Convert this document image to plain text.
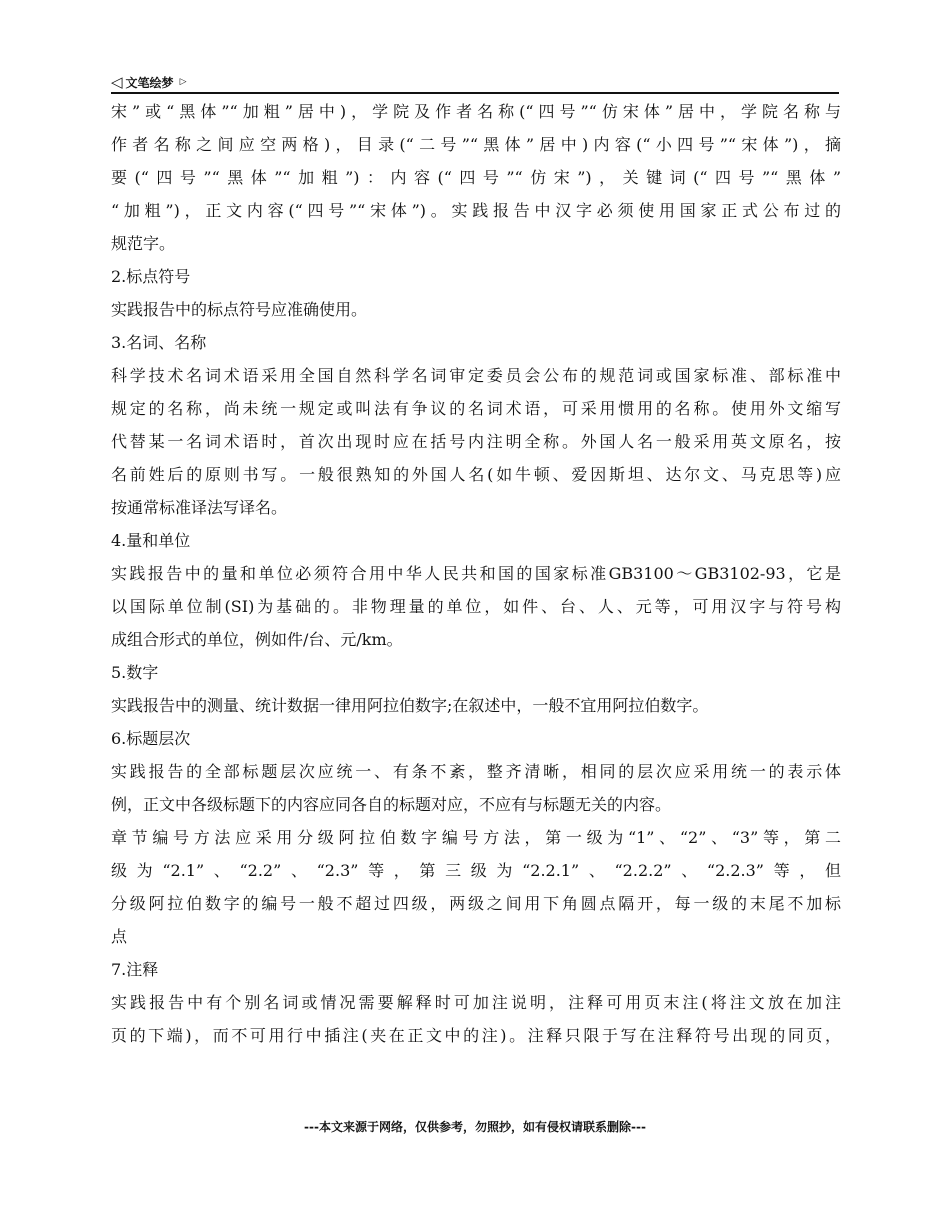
◁ 文笔绘梦 ▷
宋”或“黑体”“加粗”居中)，学院及作者名称(“四号”“仿宋体”居中，学院名称与
作者名称之间应空两格)，目录(“二号”“黑体”居中)内容(“小四号”“宋体”)，摘
要(“四号”“黑体”“加粗”)：内容(“四号”“仿宋”)，关键词(“四号”“黑体”
“加粗”)，正文内容(“四号”“宋体”)。实践报告中汉字必须使用国家正式公布过的
规范字。
2.标点符号
实践报告中的标点符号应准确使用。
3.名词、名称
科学技术名词术语采用全国自然科学名词审定委员会公布的规范词或国家标准、部标准中
规定的名称，尚未统一规定或叫法有争议的名词术语，可采用惯用的名称。使用外文缩写
代替某一名词术语时，首次出现时应在括号内注明全称。外国人名一般采用英文原名，按
名前姓后的原则书写。一般很熟知的外国人名(如牛顿、爱因斯坦、达尔文、马克思等)应
按通常标准译法写译名。
4.量和单位
实践报告中的量和单位必须符合用中华人民共和国的国家标准GB3100～GB3102-93，它是
以国际单位制(SI)为基础的。非物理量的单位，如件、台、人、元等，可用汉字与符号构
成组合形式的单位，例如件/台、元/km。
5.数字
实践报告中的测量、统计数据一律用阿拉伯数字;在叙述中，一般不宜用阿拉伯数字。
6.标题层次
实践报告的全部标题层次应统一、有条不紊，整齐清晰，相同的层次应采用统一的表示体
例，正文中各级标题下的内容应同各自的标题对应，不应有与标题无关的内容。
章节编号方法应采用分级阿拉伯数字编号方法，第一级为“1”、“2”、“3”等，第二
级为“2.1”、“2.2”、“2.3”等，第三级为“2.2.1”、“2.2.2”、“2.2.3”等，但
分级阿拉伯数字的编号一般不超过四级，两级之间用下角圆点隔开，每一级的末尾不加标
点
7.注释
实践报告中有个别名词或情况需要解释时可加注说明，注释可用页末注(将注文放在加注
页的下端)，而不可用行中插注(夹在正文中的注)。注释只限于写在注释符号出现的同页，
---本文来源于网络，仅供参考，勿照抄，如有侵权请联系删除---
